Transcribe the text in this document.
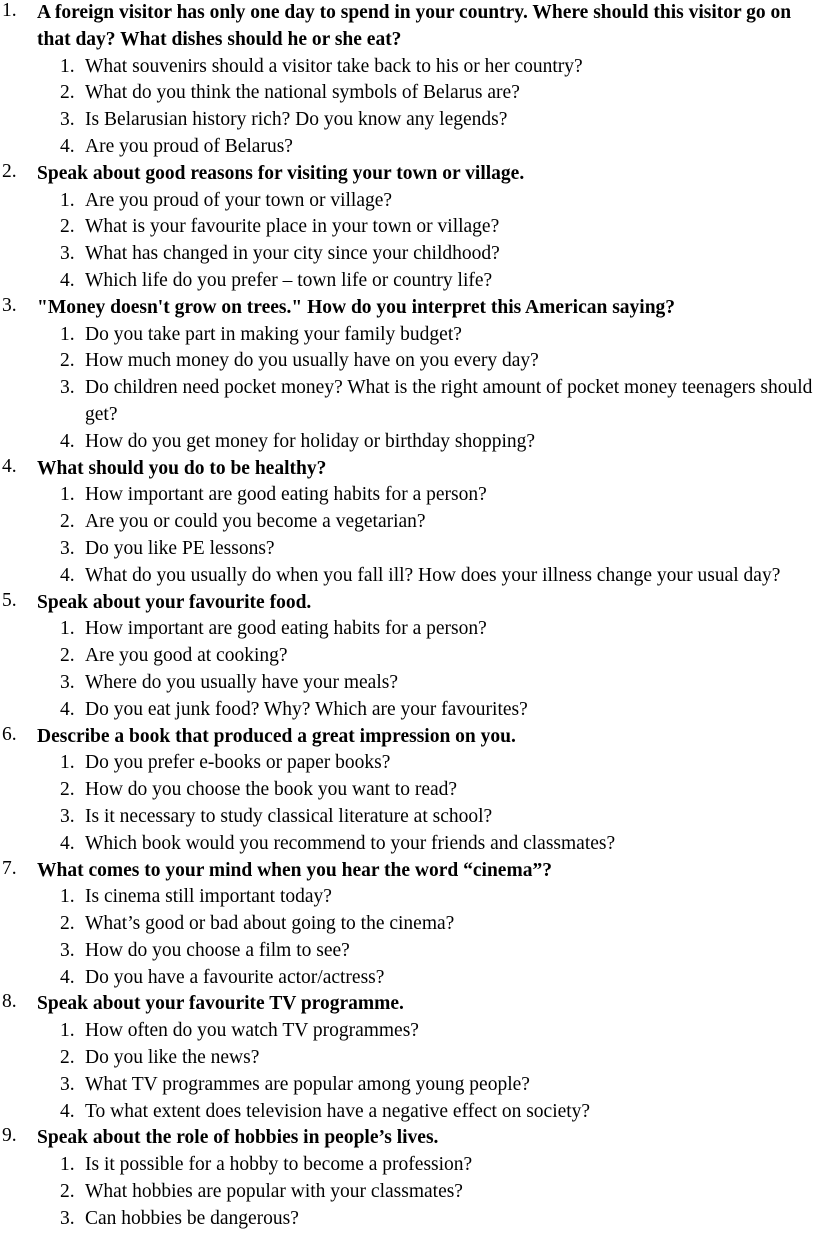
1. A foreign visitor has only one day to spend in your country. Where should this visitor go on that day? What dishes should he or she eat?
1. What souvenirs should a visitor take back to his or her country?
2. What do you think the national symbols of Belarus are?
3. Is Belarusian history rich? Do you know any legends?
4. Are you proud of Belarus?
2. Speak about good reasons for visiting your town or village.
1. Are you proud of your town or village?
2. What is your favourite place in your town or village?
3. What has changed in your city since your childhood?
4. Which life do you prefer – town life or country life?
3. "Money doesn't grow on trees." How do you interpret this American saying?
1. Do you take part in making your family budget?
2. How much money do you usually have on you every day?
3. Do children need pocket money? What is the right amount of pocket money teenagers should get?
4. How do you get money for holiday or birthday shopping?
4. What should you do to be healthy?
1. How important are good eating habits for a person?
2. Are you or could you become a vegetarian?
3. Do you like PE lessons?
4. What do you usually do when you fall ill? How does your illness change your usual day?
5. Speak about your favourite food.
1. How important are good eating habits for a person?
2. Are you good at cooking?
3. Where do you usually have your meals?
4. Do you eat junk food? Why? Which are your favourites?
6. Describe a book that produced a great impression on you.
1. Do you prefer e-books or paper books?
2. How do you choose the book you want to read?
3. Is it necessary to study classical literature at school?
4. Which book would you recommend to your friends and classmates?
7. What comes to your mind when you hear the word “cinema”?
1. Is cinema still important today?
2. What’s good or bad about going to the cinema?
3. How do you choose a film to see?
4. Do you have a favourite actor/actress?
8. Speak about your favourite TV programme.
1. How often do you watch TV programmes?
2. Do you like the news?
3. What TV programmes are popular among young people?
4. To what extent does television have a negative effect on society?
9. Speak about the role of hobbies in people’s lives.
1. Is it possible for a hobby to become a profession?
2. What hobbies are popular with your classmates?
3. Can hobbies be dangerous?
